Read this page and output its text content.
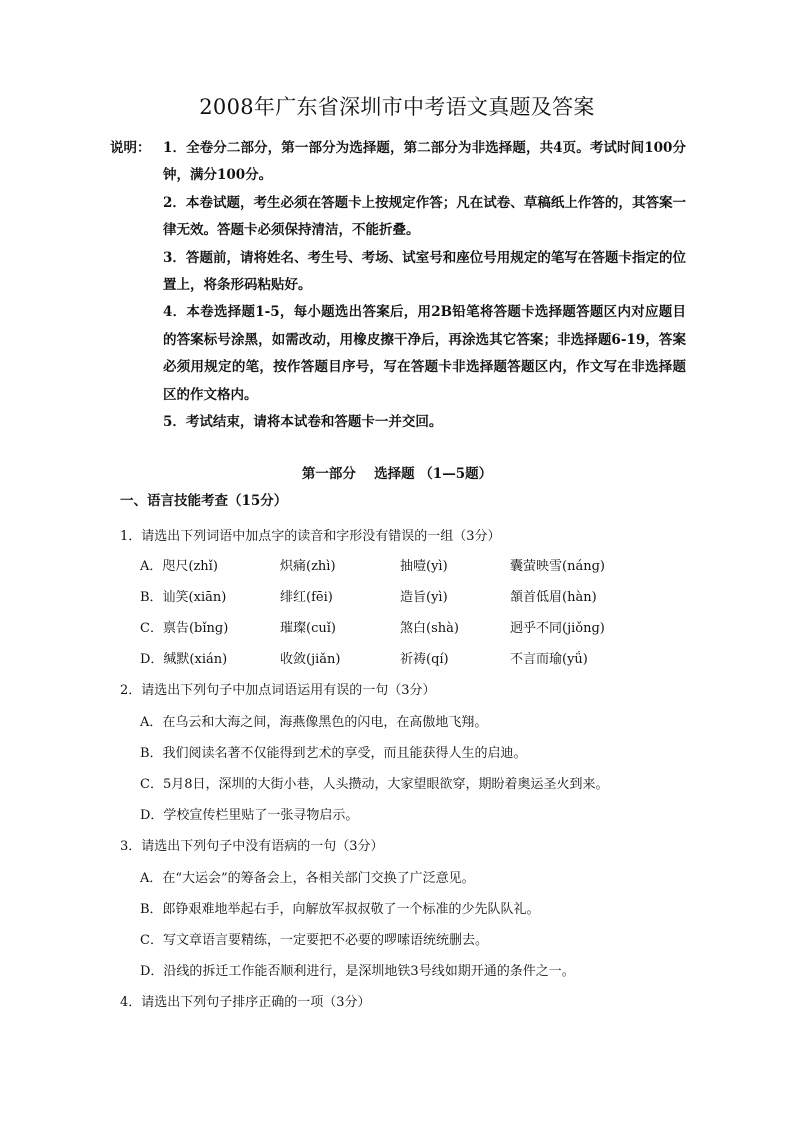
2008年广东省深圳市中考语文真题及答案
说明： 1．全卷分二部分，第一部分为选择题，第二部分为非选择题，共4页。考试时间100分钟，满分100分。

2．本卷试题，考生必须在答题卡上按规定作答；凡在试卷、草稿纸上作答的，其答案一律无效。答题卡必须保持清洁，不能折叠。

3．答题前，请将姓名、考生号、考场、试室号和座位号用规定的笔写在答题卡指定的位置上，将条形码粘贴好。

4．本卷选择题1-5，每小题选出答案后，用2B铅笔将答题卡选择题答题区内对应题目的答案标号涂黑，如需改动，用橡皮擦干净后，再涂选其它答案；非选择题6-19，答案必须用规定的笔，按作答题目序号，写在答题卡非选择题答题区内，作文写在非选择题区的作文格内。

5．考试结束，请将本试卷和答题卡一并交回。

第一部分　 选择题 （1—5题）
一、语言技能考查（15分）
1．请选出下列词语中加点字的读音和字形没有错误的一组（3分）
A．咫尺(zhǐ)	炽痛(zhì)	抽噎(yì)	囊萤映雪(nánɡ)
B．讪笑(xiān)	绯红(fēi)	造旨(yì)	頷首低眉(hàn)
C．禀告(bǐnɡ)	璀璨(cuǐ)	煞白(shà)	迥乎不同(jiǒnɡ)
D．缄默(xián)	收敛(jiǎn)	祈祷(qí)	不言而瑜(yǘ)
2．请选出下列句子中加点词语运用有误的一句（3分）
A．在乌云和大海之间，海燕像黑色的闪电，在高傲地飞翔。
B．我们阅读名著不仅能得到艺术的享受，而且能获得人生的启迪。
C．5月8日，深圳的大街小巷，人头攒动，大家望眼欲穿，期盼着奥运圣火到来。
D．学校宣传栏里贴了一张寻物启示。
3．请选出下列句子中没有语病的一句（3分）
A．在“大运会”的筹备会上，各相关部门交换了广泛意见。
B．郎铮艰难地举起右手，向解放军叔叔敬了一个标准的少先队队礼。
C．写文章语言要精练，一定要把不必要的啰嗦语统统删去。
D．沿线的拆迁工作能否顺利进行，是深圳地铁3号线如期开通的条件之一。
4．请选出下列句子排序正确的一项（3分）
